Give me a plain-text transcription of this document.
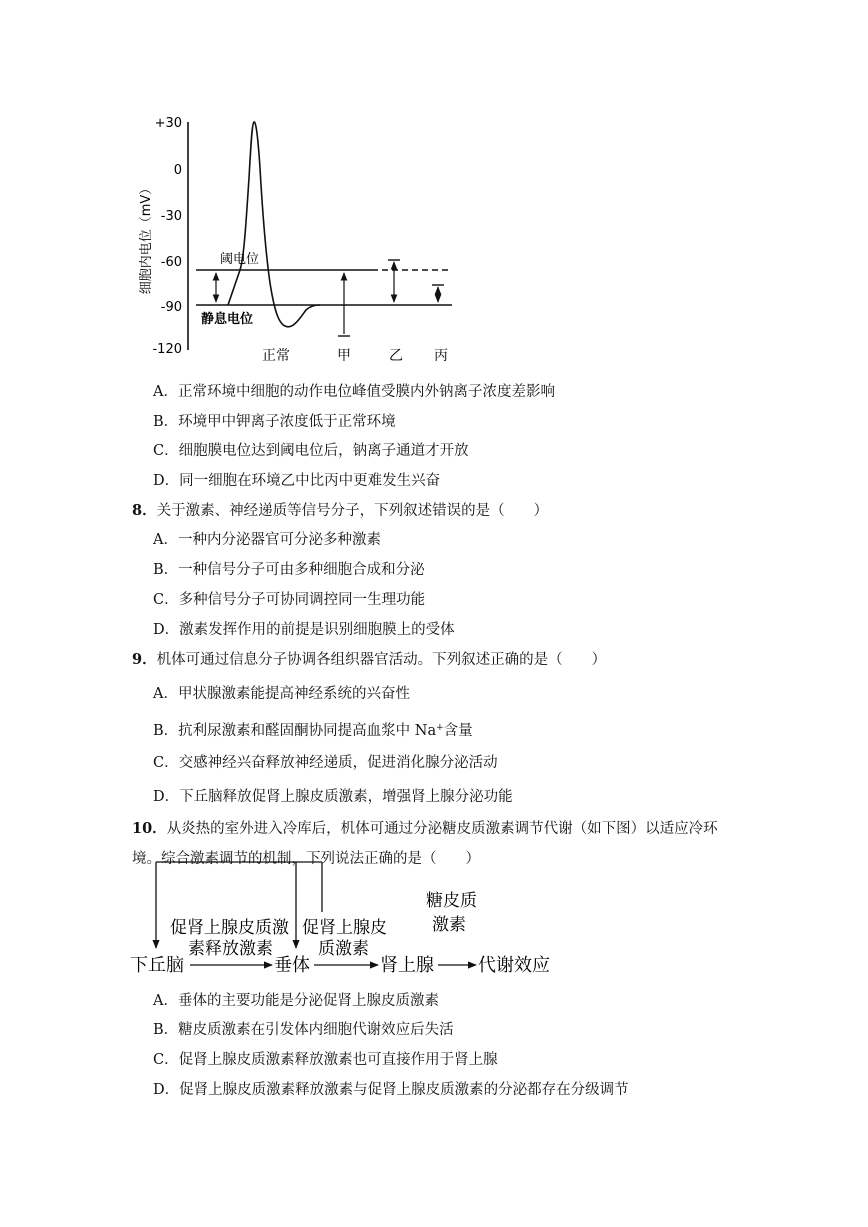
+30
0
-30
-60
-90
-120
细胞内电位（mV）	阈电位
静息电位
正常	甲	乙 丙
A．正常环境中细胞的动作电位峰值受膜内外钠离子浓度差影响
B．环境甲中钾离子浓度低于正常环境
C．细胞膜电位达到阈电位后，钠离子通道才开放
D．同一细胞在环境乙中比丙中更难发生兴奋
8．关于激素、神经递质等信号分子，下列叙述错误的是（　　）
A．一种内分泌器官可分泌多种激素
B．一种信号分子可由多种细胞合成和分泌
C．多种信号分子可协同调控同一生理功能
D．激素发挥作用的前提是识别细胞膜上的受体
9．机体可通过信息分子协调各组织器官活动。下列叙述正确的是（　　）
A．甲状腺激素能提高神经系统的兴奋性
B．抗利尿激素和醛固酮协同提高血浆中 Na+含量
C．交感神经兴奋释放神经递质，促进消化腺分泌活动
D．下丘脑释放促肾上腺皮质激素，增强肾上腺分泌功能
10．从炎热的室外进入冷库后，机体可通过分泌糖皮质激素调节代谢（如下图）以适应冷环
境。综合激素调节的机制，下列说法正确的是（　　）
A．垂体的主要功能是分泌促肾上腺皮质激素
B．糖皮质激素在引发体内细胞代谢效应后失活
C．促肾上腺皮质激素释放激素也可直接作用于肾上腺
D．促肾上腺皮质激素释放激素与促肾上腺皮质激素的分泌都存在分级调节
下丘脑	垂体	肾上腺 代谢效应
促肾上腺皮质激
素释放激素
促肾上腺皮
质激素
糖皮质
激素
